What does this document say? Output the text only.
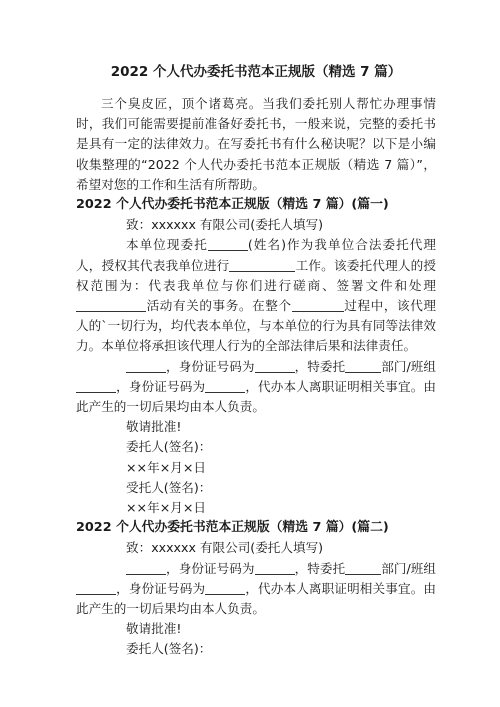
2022 个人代办委托书范本正规版（精选 7 篇）

三个臭皮匠，顶个诸葛亮。当我们委托别人帮忙办理事情时，我们可能需要提前准备好委托书，一般来说，完整的委托书是具有一定的法律效力。在写委托书有什么秘诀呢？以下是小编收集整理的“2022 个人代办委托书范本正规版（精选 7 篇）”，希望对您的工作和生活有所帮助。

2022 个人代办委托书范本正规版（精选 7 篇）(篇一)
致：xxxxxx 有限公司(委托人填写)

本单位现委托	(姓名)作为我单位合法委托代理人，授权其代表我单位进行	工作。该委托代理人的授权范围为：代表我单位与你们进行磋商、签署文件和处理活动有关的事务。在整个	过程中，该代理人的`一切行为，均代表本单位，与本单位的行为具有同等法律效力。本单位将承担该代理人行为的全部法律后果和法律责任。

，身份证号码为	，特委托	部门/班组，身份证号码为	，代办本人离职证明相关事宜。由此产生的一切后果均由本人负责。

敬请批准!
委托人(签名)：
××年×月×日
受托人(签名)：
××年×月×日
2022 个人代办委托书范本正规版（精选 7 篇）(篇二)
致：xxxxxx 有限公司(委托人填写)

，身份证号码为	，特委托	部门/班组，身份证号码为	，代办本人离职证明相关事宜。由此产生的一切后果均由本人负责。

敬请批准!
委托人(签名)：
